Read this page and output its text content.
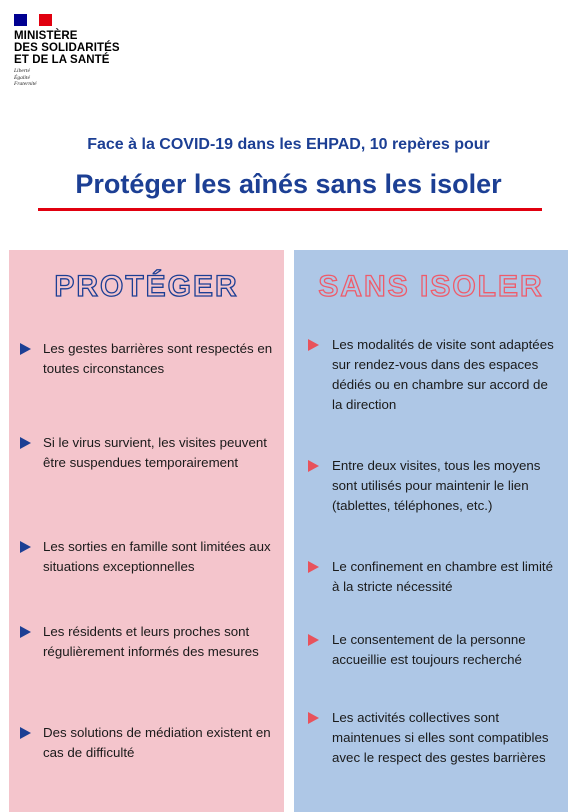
MINISTÈRE
DES SOLIDARITÉS
ET DE LA SANTÉ
Liberté
Égalité
Fraternité
Face à la COVID-19 dans les EHPAD, 10 repères pour
Protéger les aînés sans les isoler
PROTÉGER
Les gestes barrières sont respectés en toutes circonstances
Si le virus survient, les visites peuvent être suspendues temporairement
Les sorties en famille sont limitées aux situations exceptionnelles
Les résidents et leurs proches sont régulièrement informés des mesures
Des solutions de médiation existent en cas de difficulté
SANS ISOLER
Les modalités de visite sont adaptées sur rendez-vous dans des espaces dédiés ou en chambre sur accord de la direction
Entre deux visites, tous les moyens sont utilisés pour maintenir le lien (tablettes, téléphones, etc.)
Le confinement en chambre est limité à la stricte nécessité
Le consentement de la personne accueillie est toujours recherché
Les activités collectives sont maintenues si elles sont compatibles avec le respect des gestes barrières
